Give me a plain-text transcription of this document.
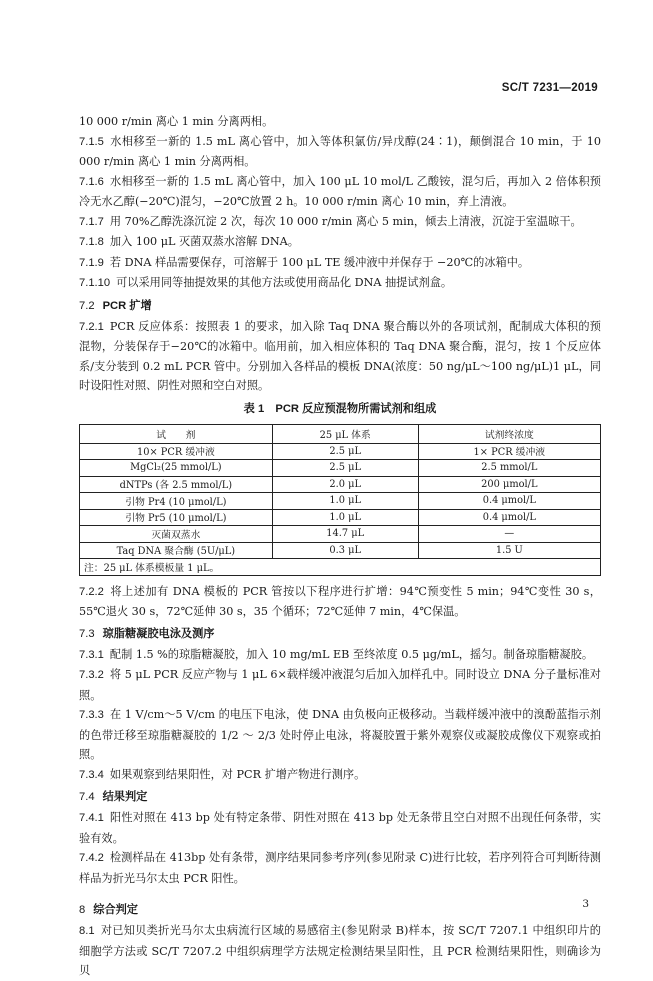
SC/T 7231—2019
10 000 r/min 离心 1 min 分离两相。
7.1.5 水相移至一新的 1.5 mL 离心管中，加入等体积氯仿/异戊醇(24∶1)，颠倒混合 10 min，于 10 000 r/min 离心 1 min 分离两相。
7.1.6 水相移至一新的 1.5 mL 离心管中，加入 100 μL 10 mol/L 乙酸铵，混匀后，再加入 2 倍体积预冷无水乙醇(−20℃)混匀，−20℃放置 2 h。10 000 r/min 离心 10 min，弃上清液。
7.1.7 用 70%乙醇洗涤沉淀 2 次，每次 10 000 r/min 离心 5 min，倾去上清液，沉淀于室温晾干。
7.1.8 加入 100 μL 灭菌双蒸水溶解 DNA。
7.1.9 若 DNA 样品需要保存，可溶解于 100 μL TE 缓冲液中并保存于 −20℃的冰箱中。
7.1.10 可以采用同等抽提效果的其他方法或使用商品化 DNA 抽提试剂盒。
7.2 PCR 扩增
7.2.1 PCR 反应体系：按照表 1 的要求，加入除 Taq DNA 聚合酶以外的各项试剂，配制成大体积的预混物，分装保存于−20℃的冰箱中。临用前，加入相应体积的 Taq DNA 聚合酶，混匀，按 1 个反应体系/支分装到 0.2 mL PCR 管中。分别加入各样品的模板 DNA(浓度：50 ng/μL～100 ng/μL)1 μL，同时设阳性对照、阴性对照和空白对照。
表 1　PCR 反应预混物所需试剂和组成
试　　剂	25 μL 体系	试剂终浓度
10× PCR 缓冲液	2.5 μL	1× PCR 缓冲液
MgCl₂(25 mmol/L)	2.5 μL	2.5 mmol/L
dNTPs (各 2.5 mmol/L)	2.0 μL	200 μmol/L
引物 Pr4 (10 μmol/L)	1.0 μL	0.4 μmol/L
引物 Pr5 (10 μmol/L)	1.0 μL	0.4 μmol/L
灭菌双蒸水	14.7 μL	—
Taq DNA 聚合酶 (5U/μL)	0.3 μL	1.5 U
注：25 μL 体系模板量 1 μL。		
7.2.2 将上述加有 DNA 模板的 PCR 管按以下程序进行扩增：94℃预变性 5 min；94℃变性 30 s，55℃退火 30 s，72℃延伸 30 s，35 个循环；72℃延伸 7 min，4℃保温。
7.3 琼脂糖凝胶电泳及测序
7.3.1 配制 1.5 %的琼脂糖凝胶，加入 10 mg/mL EB 至终浓度 0.5 μg/mL，摇匀。制备琼脂糖凝胶。
7.3.2 将 5 μL PCR 反应产物与 1 μL 6×载样缓冲液混匀后加入加样孔中。同时设立 DNA 分子量标准对照。
7.3.3 在 1 V/cm～5 V/cm 的电压下电泳，使 DNA 由负极向正极移动。当载样缓冲液中的溴酚蓝指示剂的色带迁移至琼脂糖凝胶的 1/2 ～ 2/3 处时停止电泳，将凝胶置于紫外观察仪或凝胶成像仪下观察或拍照。
7.3.4 如果观察到结果阳性，对 PCR 扩增产物进行测序。
7.4 结果判定
7.4.1 阳性对照在 413 bp 处有特定条带、阴性对照在 413 bp 处无条带且空白对照不出现任何条带，实验有效。
7.4.2 检测样品在 413bp 处有条带，测序结果同参考序列(参见附录 C)进行比较，若序列符合可判断待测样品为折光马尔太虫 PCR 阳性。
8 综合判定
8.1 对已知贝类折光马尔太虫病流行区域的易感宿主(参见附录 B)样本，按 SC/T 7207.1 中组织印片的细胞学方法或 SC/T 7207.2 中组织病理学方法规定检测结果呈阳性，且 PCR 检测结果阳性，则确诊为贝
3
